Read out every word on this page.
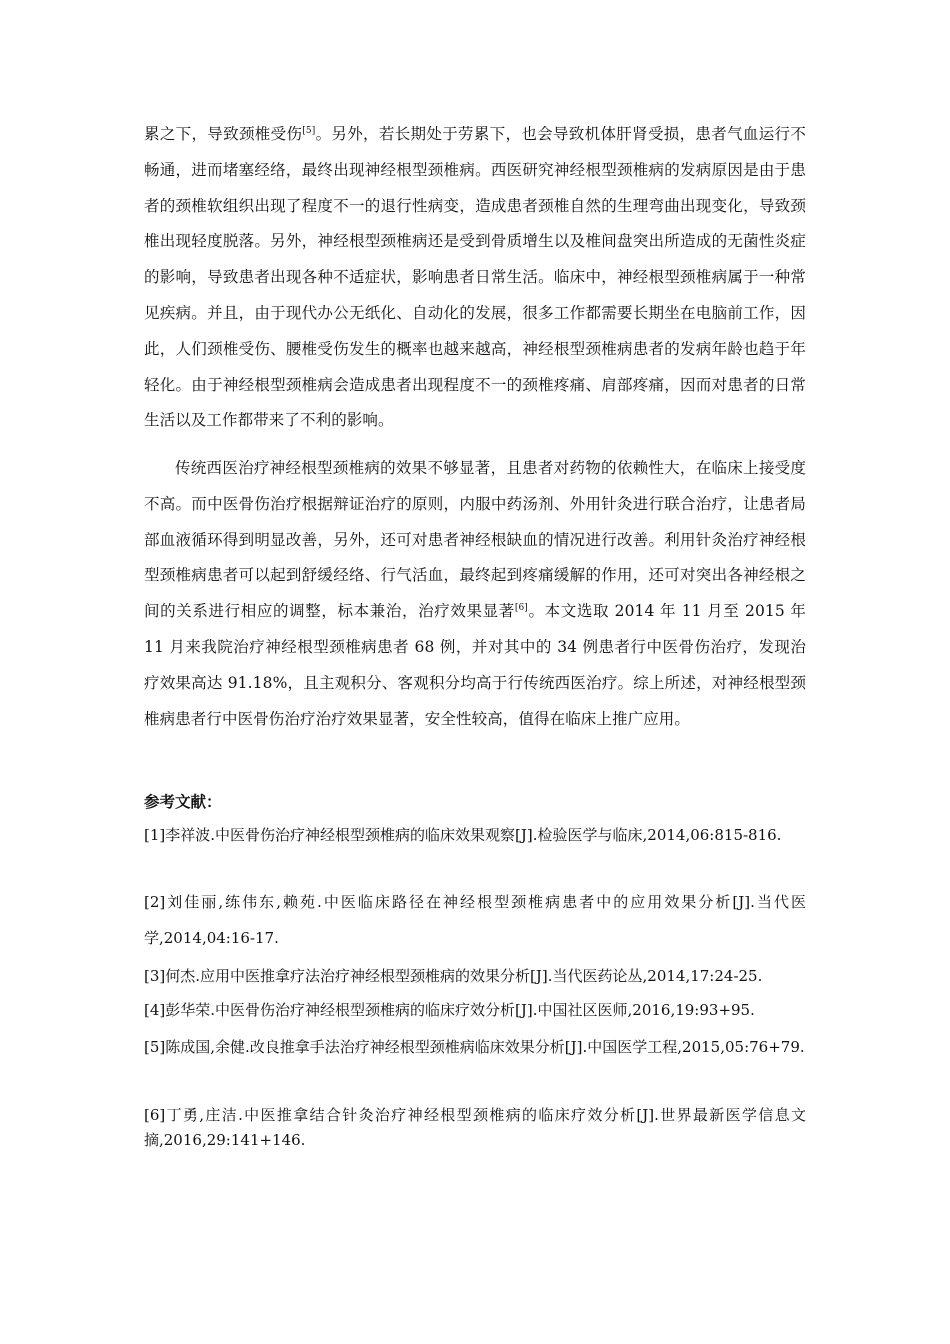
累之下，导致颈椎受伤[5]。另外，若长期处于劳累下，也会导致机体肝肾受损，患者气血运行不畅通，进而堵塞经络，最终出现神经根型颈椎病。西医研究神经根型颈椎病的发病原因是由于患者的颈椎软组织出现了程度不一的退行性病变，造成患者颈椎自然的生理弯曲出现变化，导致颈椎出现轻度脱落。另外，神经根型颈椎病还是受到骨质增生以及椎间盘突出所造成的无菌性炎症的影响，导致患者出现各种不适症状，影响患者日常生活。临床中，神经根型颈椎病属于一种常见疾病。并且，由于现代办公无纸化、自动化的发展，很多工作都需要长期坐在电脑前工作，因此，人们颈椎受伤、腰椎受伤发生的概率也越来越高，神经根型颈椎病患者的发病年龄也趋于年轻化。由于神经根型颈椎病会造成患者出现程度不一的颈椎疼痛、肩部疼痛，因而对患者的日常生活以及工作都带来了不利的影响。

传统西医治疗神经根型颈椎病的效果不够显著，且患者对药物的依赖性大，在临床上接受度不高。而中医骨伤治疗根据辩证治疗的原则，内服中药汤剂、外用针灸进行联合治疗，让患者局部血液循环得到明显改善，另外，还可对患者神经根缺血的情况进行改善。利用针灸治疗神经根型颈椎病患者可以起到舒缓经络、行气活血，最终起到疼痛缓解的作用，还可对突出各神经根之间的关系进行相应的调整，标本兼治，治疗效果显著[6]。本文选取 2014 年 11 月至 2015 年 11 月来我院治疗神经根型颈椎病患者 68 例，并对其中的 34 例患者行中医骨伤治疗，发现治疗效果高达 91.18%，且主观积分、客观积分均高于行传统西医治疗。综上所述，对神经根型颈椎病患者行中医骨伤治疗治疗效果显著，安全性较高，值得在临床上推广应用。

参考文献：

[1]李祥波.中医骨伤治疗神经根型颈椎病的临床效果观察[J].检验医学与临床,2014,06:815-816.

[2]刘佳丽,练伟东,赖苑.中医临床路径在神经根型颈椎病患者中的应用效果分析[J].当代医学,2014,04:16-17.

[3]何杰.应用中医推拿疗法治疗神经根型颈椎病的效果分析[J].当代医药论丛,2014,17:24-25.

[4]彭华荣.中医骨伤治疗神经根型颈椎病的临床疗效分析[J].中国社区医师,2016,19:93+95.

[5]陈成国,余健.改良推拿手法治疗神经根型颈椎病临床效果分析[J].中国医学工程,2015,05:76+79.

[6]丁勇,庄洁.中医推拿结合针灸治疗神经根型颈椎病的临床疗效分析[J].世界最新医学信息文摘,2016,29:141+146.
